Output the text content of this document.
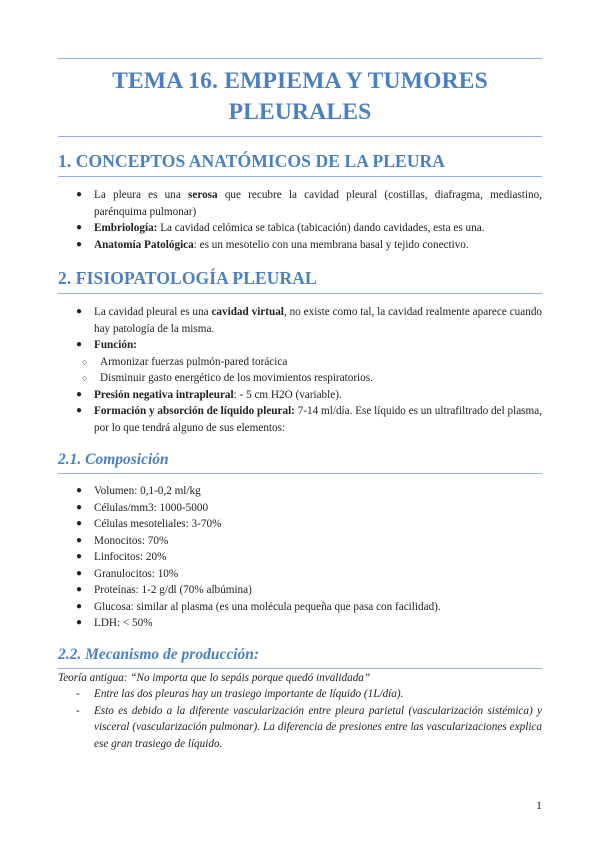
TEMA 16. EMPIEMA Y TUMORES PLEURALES
1. CONCEPTOS ANATÓMICOS DE LA PLEURA
● La pleura es una serosa que recubre la cavidad pleural (costillas, diafragma, mediastino, parénquima pulmonar)
● Embriología: La cavidad celómica se tabica (tabicación) dando cavidades, esta es una.
● Anatomía Patológica: es un mesotelio con una membrana basal y tejido conectivo.
2. FISIOPATOLOGÍA PLEURAL
● La cavidad pleural es una cavidad virtual, no existe como tal, la cavidad realmente aparece cuando hay patología de la misma.
● Función:
○ Armonizar fuerzas pulmón-pared torácica
○ Disminuir gasto energético de los movimientos respiratorios.
● Presión negativa intrapleural: - 5 cm H2O (variable).
● Formación y absorción de líquido pleural: 7-14 ml/día. Ese líquido es un ultrafiltrado del plasma, por lo que tendrá alguno de sus elementos:
2.1. Composición
● Volumen: 0,1-0,2 ml/kg
● Células/mm3: 1000-5000
● Células mesoteliales: 3-70%
● Monocitos: 70%
● Linfocitos: 20%
● Granulocitos: 10%
● Proteínas: 1-2 g/dl (70% albúmina)
● Glucosa: similar al plasma (es una molécula pequeña que pasa con facilidad).
● LDH: < 50%
2.2. Mecanismo de producción:
Teoría antigua: “No importa que lo sepáis porque quedó invalidada”
- Entre las dos pleuras hay un trasiego importante de líquido (1L/día).
- Esto es debido a la diferente vascularización entre pleura parietal (vascularización sistémica) y visceral (vascularización pulmonar). La diferencia de presiones entre las vascularizaciones explica ese gran trasiego de líquido.
1
